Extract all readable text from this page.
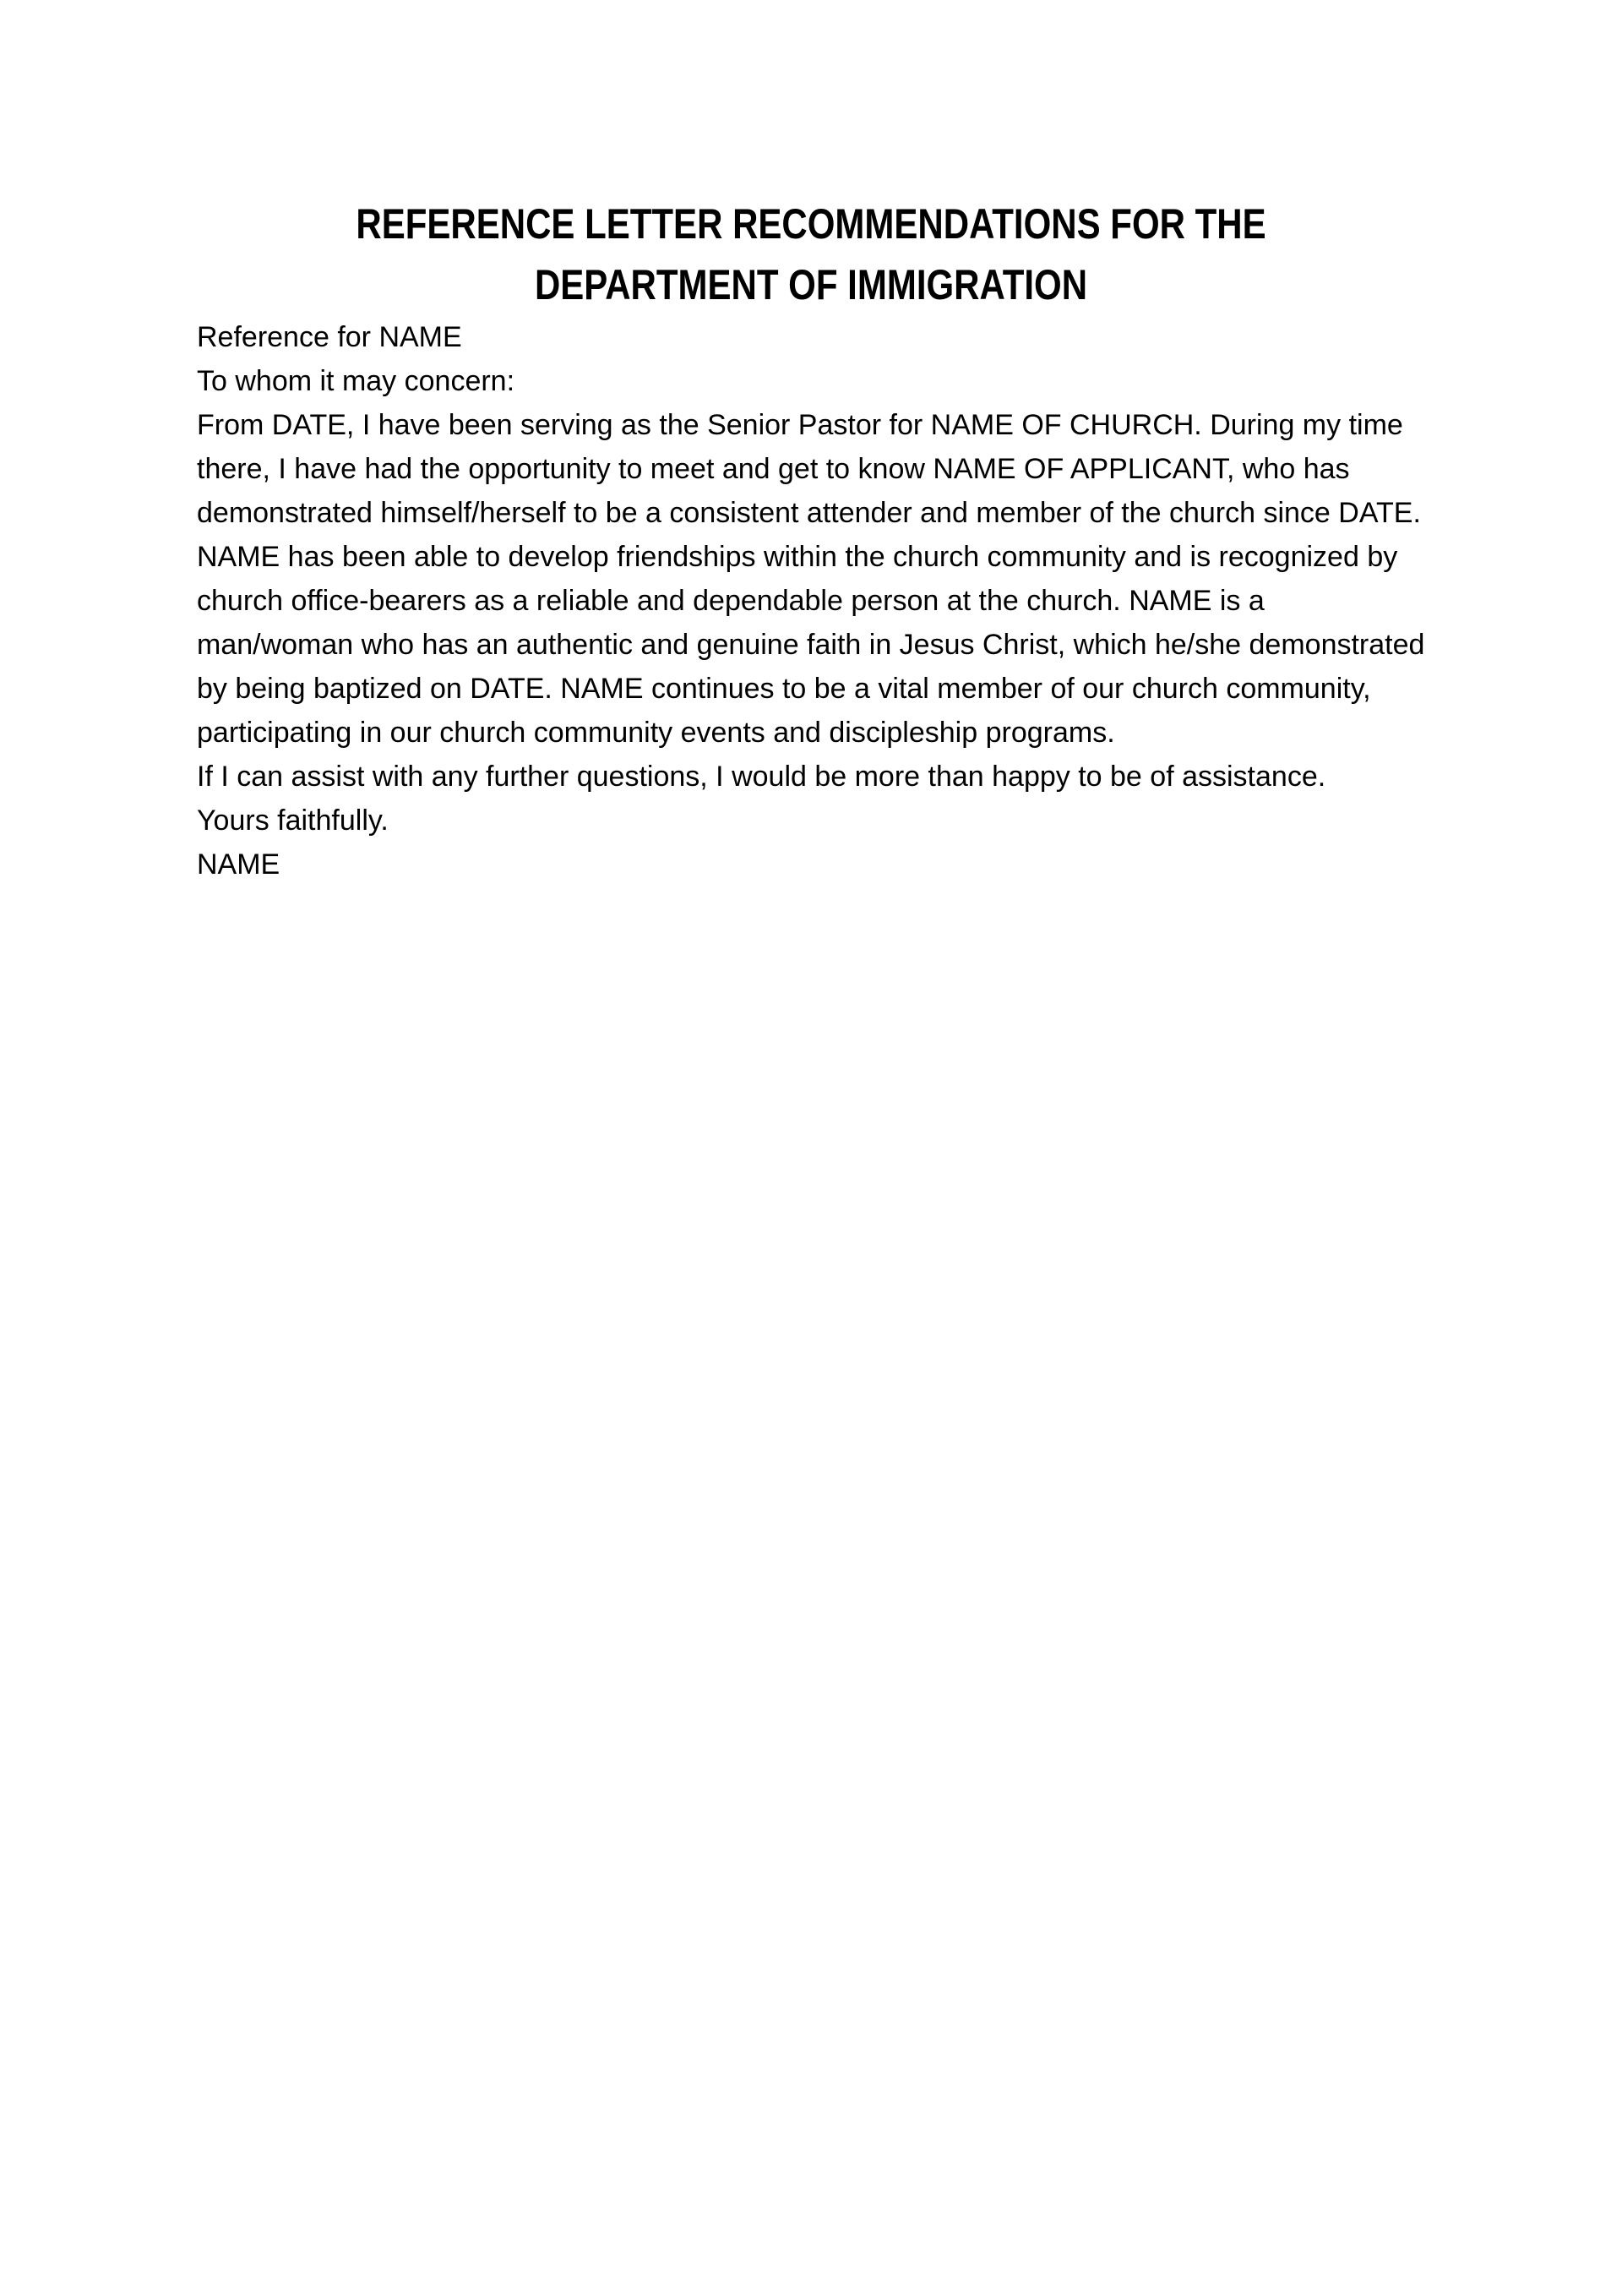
REFERENCE LETTER RECOMMENDATIONS FOR THE
DEPARTMENT OF IMMIGRATION

Reference for NAME

To whom it may concern:

From DATE, I have been serving as the Senior Pastor for NAME OF CHURCH. During my time there, I have had the opportunity to meet and get to know NAME OF APPLICANT, who has demonstrated himself/herself to be a consistent attender and member of the church since DATE.

NAME has been able to develop friendships within the church community and is recognized by church office-bearers as a reliable and dependable person at the church. NAME is a man/woman who has an authentic and genuine faith in Jesus Christ, which he/she demonstrated by being baptized on DATE. NAME continues to be a vital member of our church community, participating in our church community events and discipleship programs.

If I can assist with any further questions, I would be more than happy to be of assistance.

Yours faithfully.

NAME
